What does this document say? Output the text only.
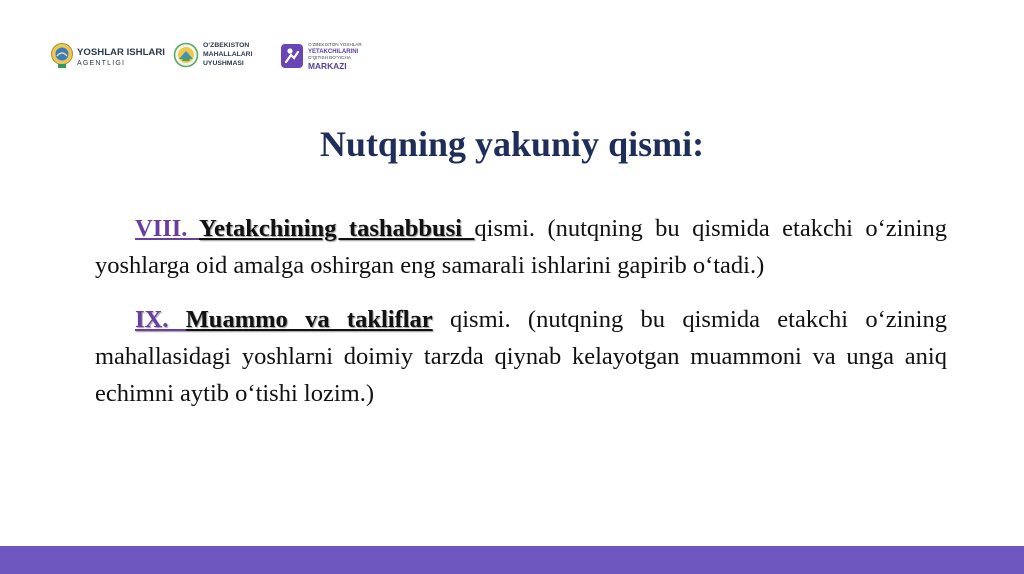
YOSHLAR ISHLARI
AGENTLIGI
O‘ZBEKISTON
MAHALLALARI
UYUSHMASI
O‘ZBEKISTON YOSHLAR
YETAKCHILARINI
O‘QITISH BO‘YICHA
MARKAZI
Nutqning yakuniy qismi:

VIII. Yetakchining tashabbusi qismi. (nutqning bu qismida etakchi o‘zining yoshlarga oid amalga oshirgan eng samarali ishlarini gapirib o‘tadi.)

IX. Muammo va takliflar qismi. (nutqning bu qismida etakchi o‘zining mahallasidagi yoshlarni doimiy tarzda qiynab kelayotgan muammoni va unga aniq echimni aytib o‘tishi lozim.)
